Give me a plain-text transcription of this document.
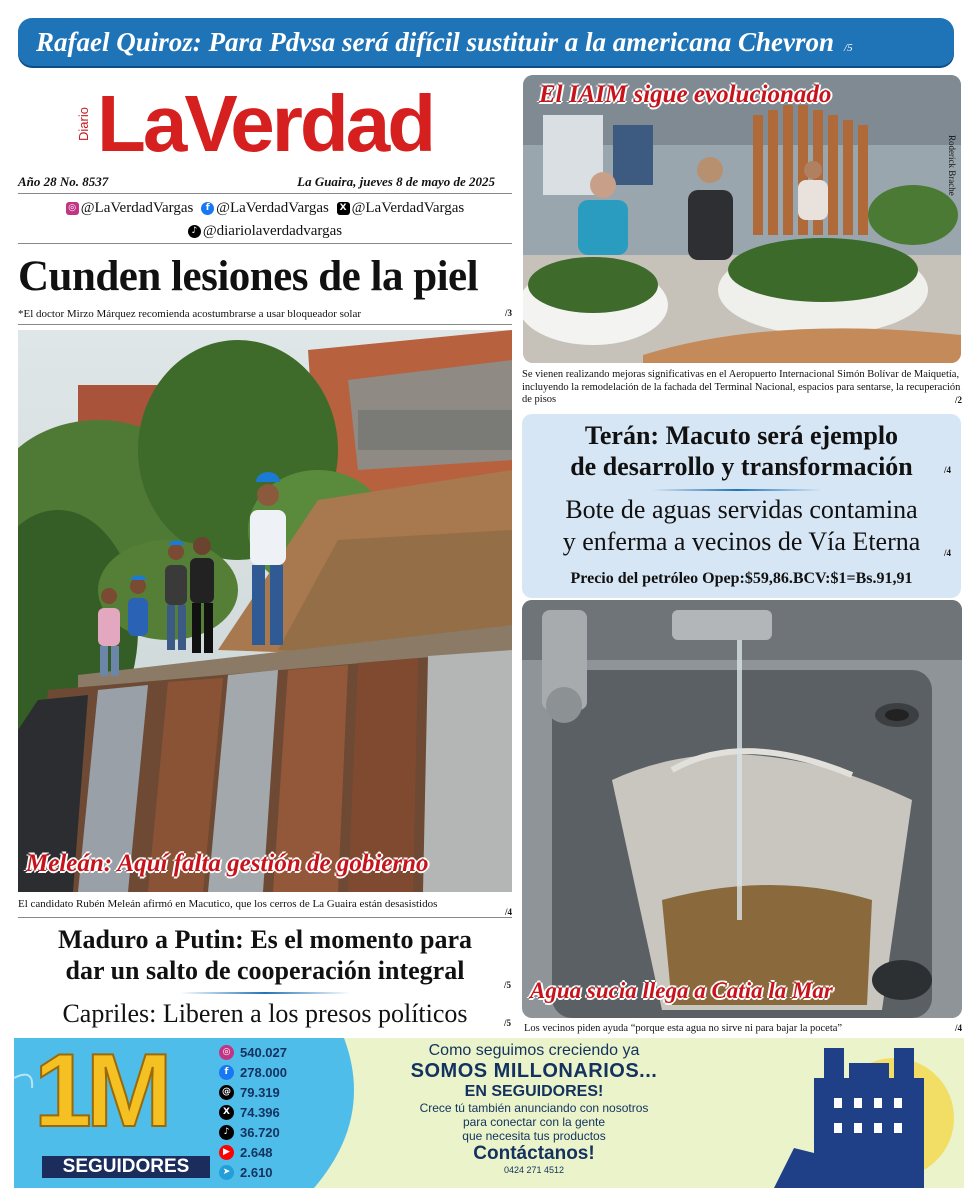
Rafael Quiroz: Para Pdvsa será difícil sustituir a la americana Chevron /5
Diario LaVerdad
Año 28 No. 8537	La Guaira, jueves 8 de mayo de 2025
◎ @LaVerdadVargas
	f @LaVerdadVargas
	X @LaVerdadVargas

♪ @diariolaverdadvargas
Cunden lesiones de la piel
*El doctor Mirzo Márquez recomienda acostumbrarse a usar bloqueador solar	/3
Meleán: Aquí falta gestión de gobierno
El candidato Rubén Meleán afirmó en Macutico, que los cerros de La Guaira están desasistidos
/4
Maduro a Putin: Es el momento para
dar un salto de cooperación integral	/5
Capriles: Liberen a los presos políticos	/5
El IAIM sigue evolucionado
Roderick Brache
Se vienen realizando mejoras significativas en el Aeropuerto Internacional Simón Bolívar de Maiquetía, incluyendo la remodelación de la fachada del Terminal Nacional, espacios para sentarse, la recuperación de pisos	/2
Terán: Macuto será ejemplo
de desarrollo y transformación	/4
Bote de aguas servidas contamina
y enferma a vecinos de Vía Eterna	/4
Precio del petróleo Opep:$59,86.BCV:$1=Bs.91,91
Agua sucia llega a Catia la Mar
Los vecinos piden ayuda “porque esta agua no sirve ni para bajar la poceta”	/4
1M
SEGUIDORES
◎ 540.027
f 278.000
@ 79.319
X 74.396
♪ 36.720
▶ 2.648
➤ 2.610
Como seguimos creciendo ya
SOMOS MILLONARIOS...
EN SEGUIDORES!
Crece tú también anunciando con nosotros
para conectar con la gente
que necesita tus productos
Contáctanos!
0424 271 4512
